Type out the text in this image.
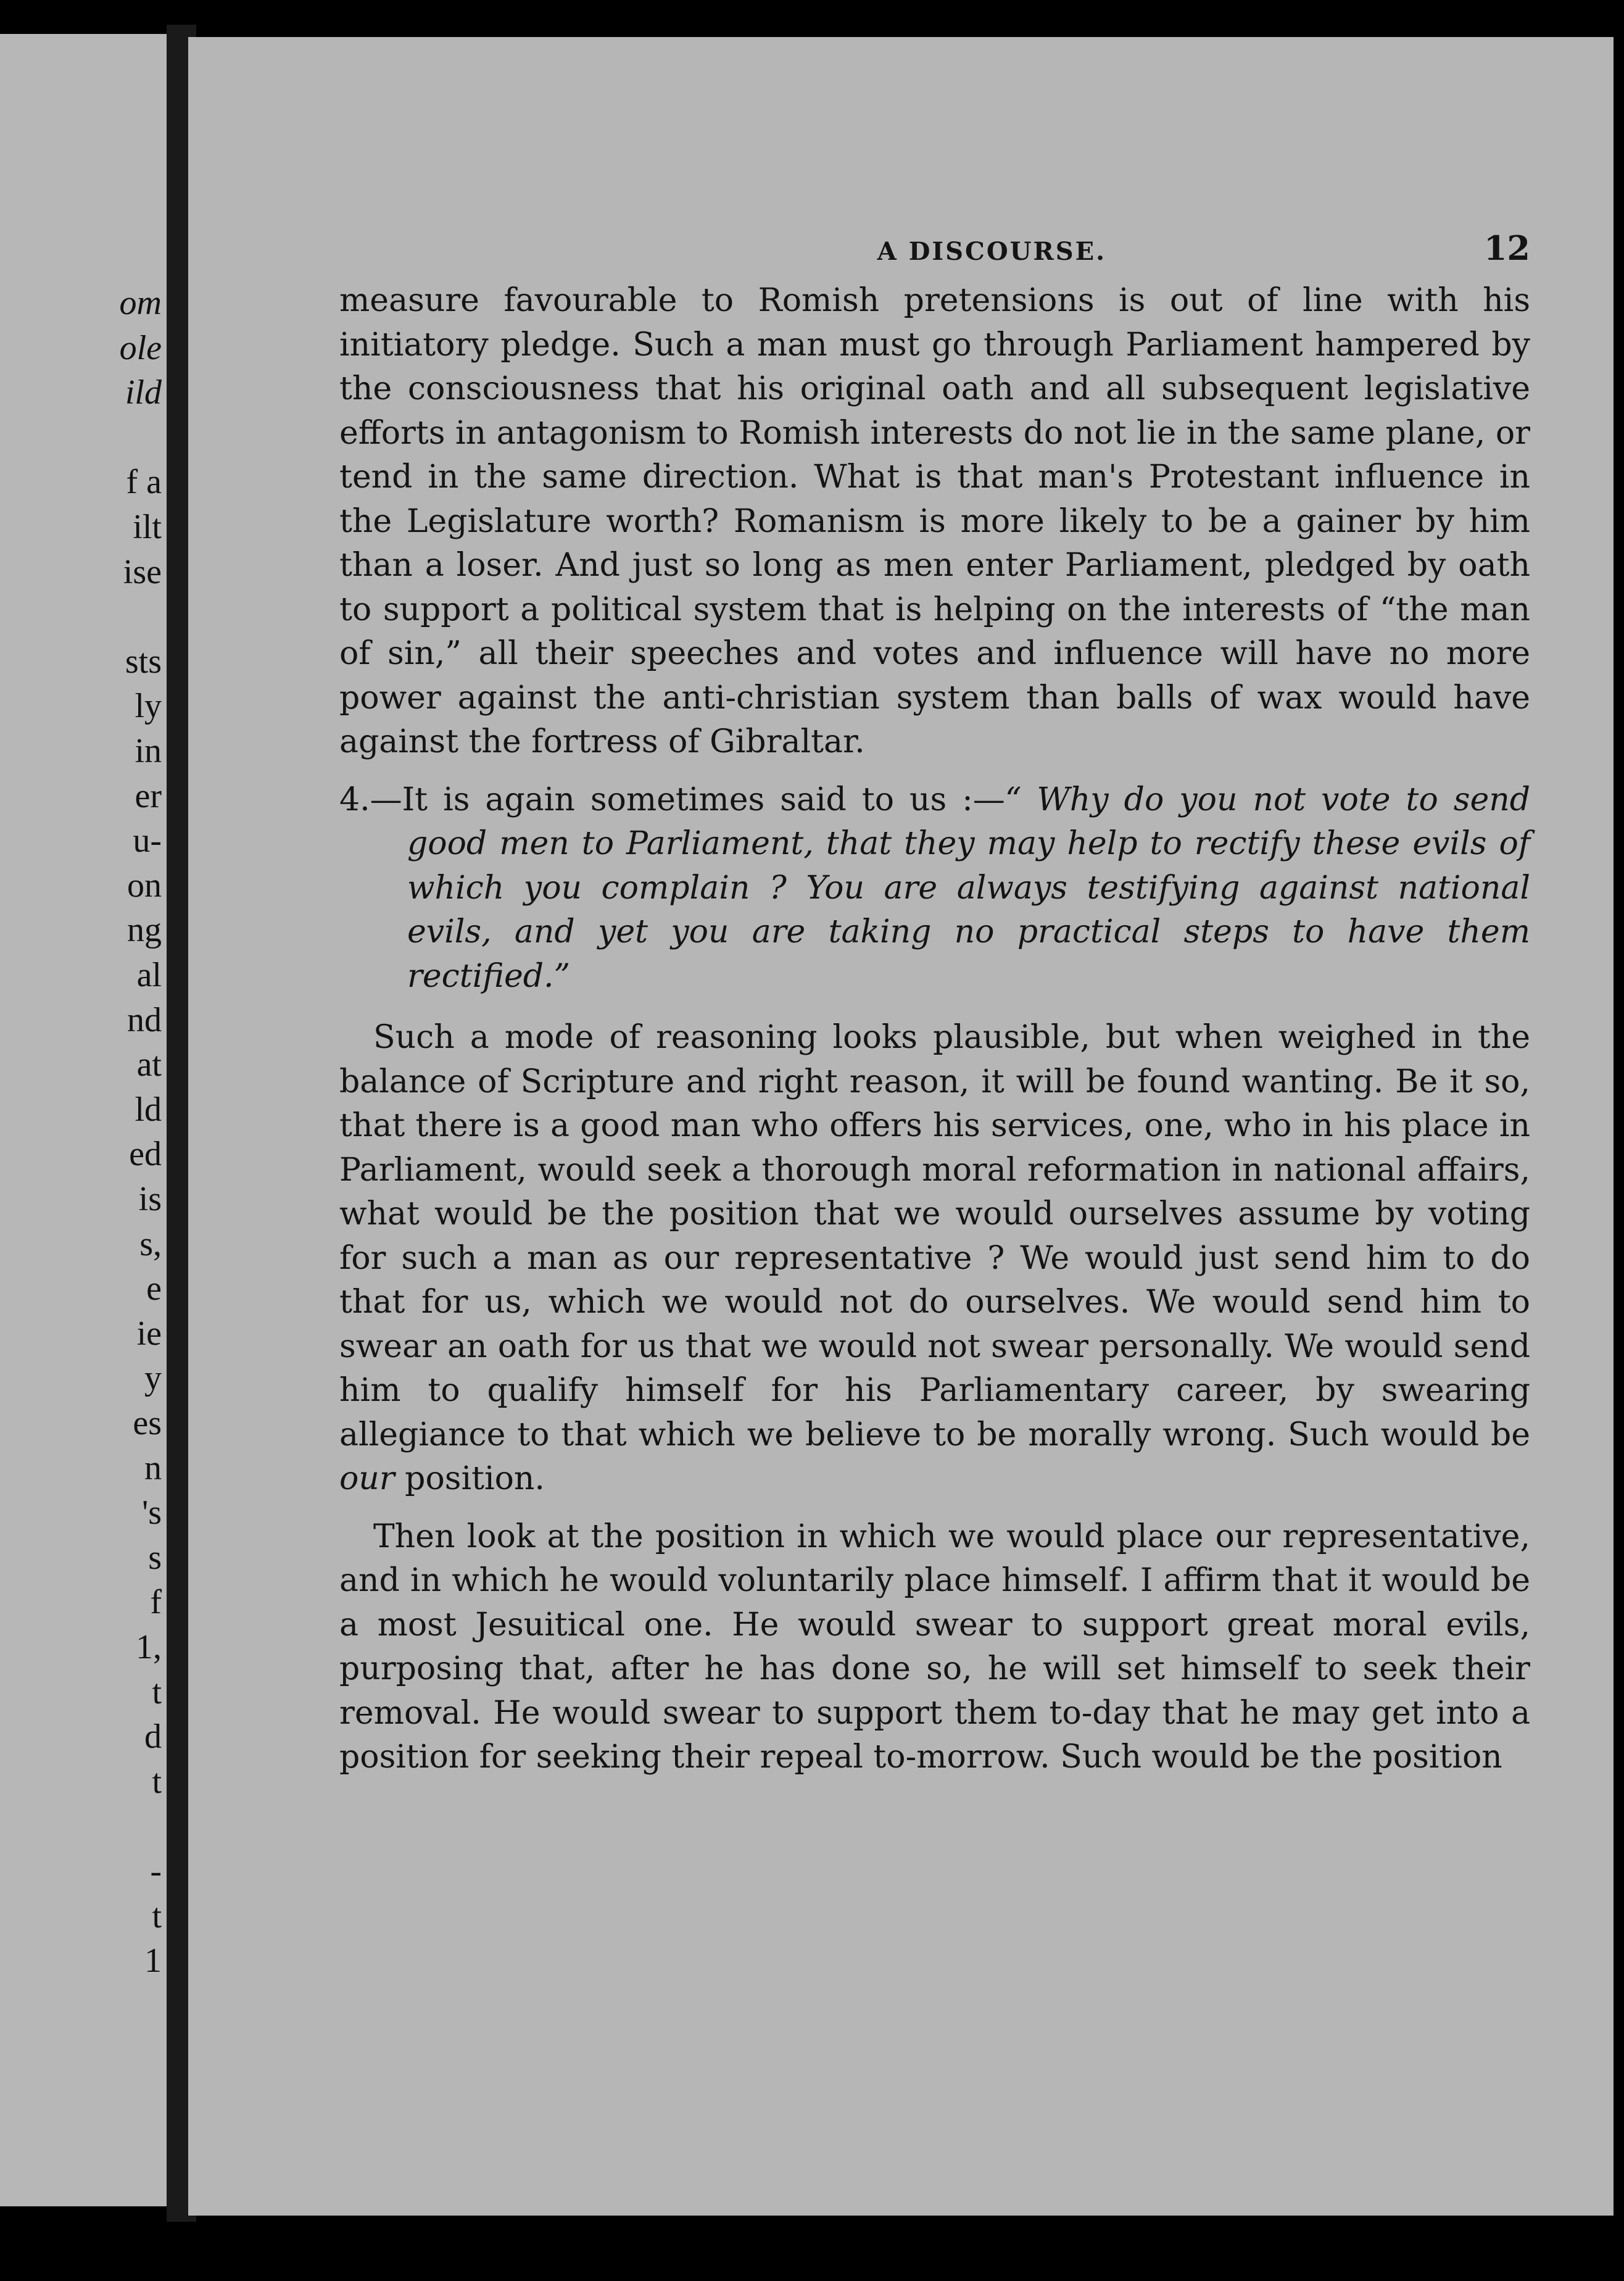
om
ole
ild
f a
ilt
ise
sts
ly
in
er
u-
on
ng
al
nd
at
ld
ed
is
s,
e
ie
y
es
n
's
s
f
1,
t
d
t
-
t
1
A DISCOURSE.	12

measure favourable to Romish pretensions is out of line with his initiatory pledge. Such a man must go through Parliament hampered by the consciousness that his original oath and all subsequent legislative efforts in antagonism to Romish interests do not lie in the same plane, or tend in the same direction. What is that man's Protestant influence in the Legislature worth? Romanism is more likely to be a gainer by him than a loser. And just so long as men enter Parliament, pledged by oath to support a political system that is helping on the interests of “the man of sin,” all their speeches and votes and influence will have no more power against the anti-christian system than balls of wax would have against the fortress of Gibraltar.

4.—It is again sometimes said to us :—“ Why do you not vote to send good men to Parliament, that they may help to rectify these evils of which you complain ? You are always testifying against national evils, and yet you are taking no practical steps to have them rectified.”

Such a mode of reasoning looks plausible, but when weighed in the balance of Scripture and right reason, it will be found wanting. Be it so, that there is a good man who offers his services, one, who in his place in Parliament, would seek a thorough moral reformation in national affairs, what would be the position that we would ourselves assume by voting for such a man as our representative ? We would just send him to do that for us, which we would not do ourselves. We would send him to swear an oath for us that we would not swear personally. We would send him to qualify himself for his Parliamentary career, by swearing allegiance to that which we believe to be morally wrong. Such would be our position.

Then look at the position in which we would place our representative, and in which he would voluntarily place himself. I affirm that it would be a most Jesuitical one. He would swear to support great moral evils, purposing that, after he has done so, he will set himself to seek their removal. He would swear to support them to-day that he may get into a position for seeking their repeal to-morrow. Such would be the position
